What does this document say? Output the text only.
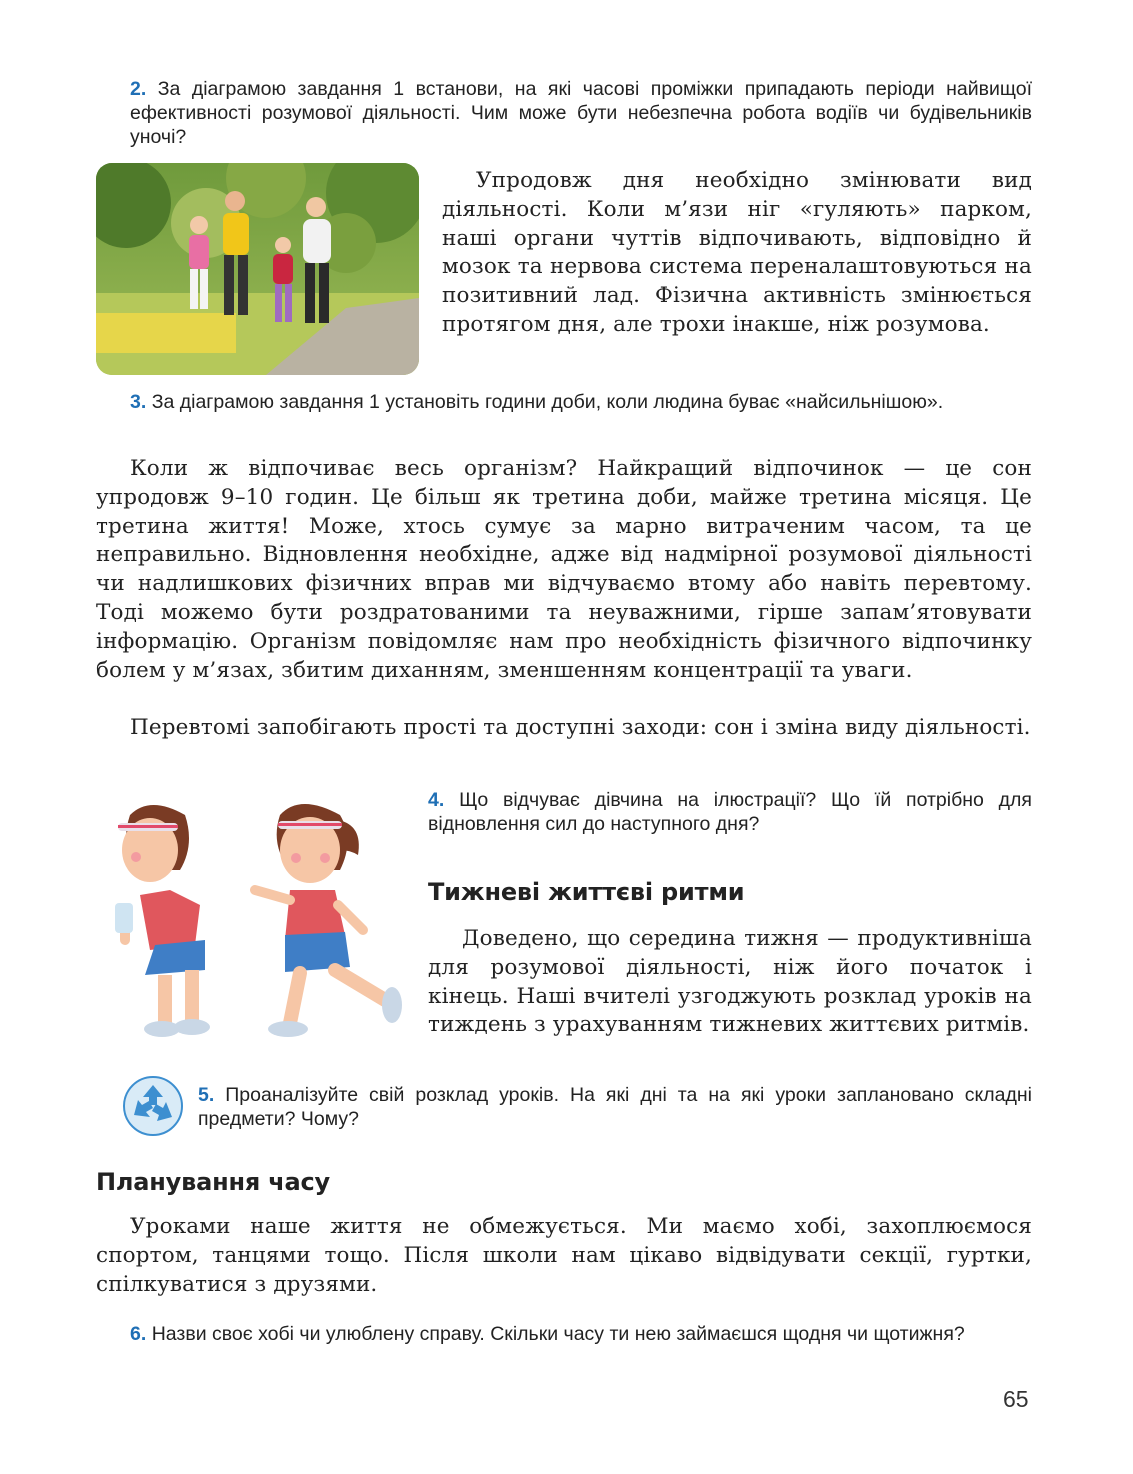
2. За діаграмою завдання 1 встанови, на які часові проміжки припадають періоди найвищої ефективності розумової діяльності. Чим може бути небезпечна робота водіїв чи будівельників уночі?
Упродовж дня необхідно змінювати вид діяльності. Коли м’язи ніг «гуляють» парком, наші органи чуттів відпочивають, відповідно й мозок та нервова система переналаштовуються на позитивний лад. Фізична активність змінюється протягом дня, але трохи інакше, ніж розумова.
3. За діаграмою завдання 1 установіть години доби, коли людина буває «найсильнішою».
Коли ж відпочиває весь організм? Найкращий відпочинок — це сон упродовж 9–10 годин. Це більш як третина доби, майже третина місяця. Це третина життя! Може, хтось сумує за марно витраченим часом, та це неправильно. Відновлення необхідне, адже від надмірної розумової діяльності чи надлишкових фізичних вправ ми відчуваємо втому або навіть перевтому. Тоді можемо бути роздратованими та неуважними, гірше запам’ятовувати інформацію. Організм повідомляє нам про необхідність фізичного відпочинку болем у м’язах, збитим диханням, зменшенням концентрації та уваги.
Перевтомі запобігають прості та доступні заходи: сон і зміна виду діяльності.
4. Що відчуває дівчина на ілюстрації? Що їй потрібно для відновлення сил до наступного дня?
Тижневі життєві ритми
Доведено, що середина тижня — продуктивніша для розумової діяльності, ніж його початок і кінець. Наші вчителі узгоджують розклад уроків на тиждень з урахуванням тижневих життєвих ритмів.
5. Проаналізуйте свій розклад уроків. На які дні та на які уроки заплановано складні предмети? Чому?
Планування часу
Уроками наше життя не обмежується. Ми маємо хобі, захоплюємося спортом, танцями тощо. Після школи нам цікаво відвідувати секції, гуртки, спілкуватися з друзями.
6. Назви своє хобі чи улюблену справу. Скільки часу ти нею займаєшся щодня чи щотижня?
65
